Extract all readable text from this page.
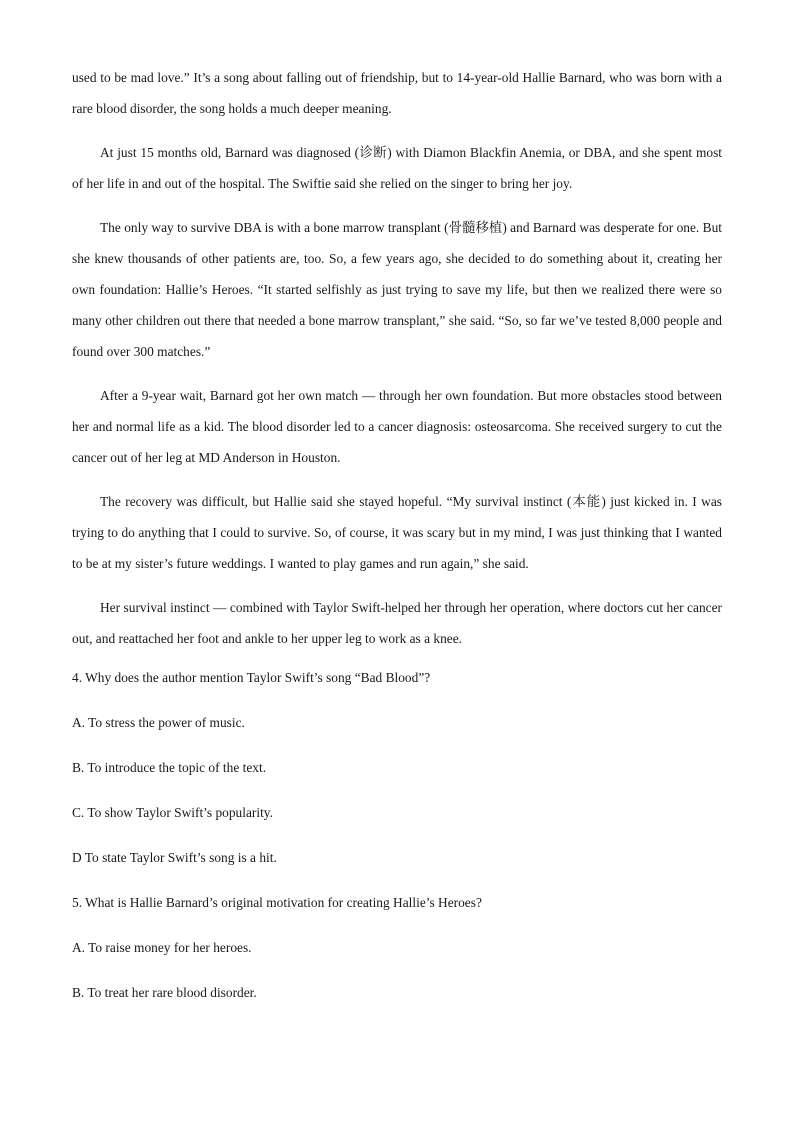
used to be mad love.” It’s a song about falling out of friendship, but to 14-year-old Hallie Barnard, who was born with a rare blood disorder, the song holds a much deeper meaning.

At just 15 months old, Barnard was diagnosed (诊断) with Diamon Blackfin Anemia, or DBA, and she spent most of her life in and out of the hospital. The Swiftie said she relied on the singer to bring her joy.

The only way to survive DBA is with a bone marrow transplant (骨髓移植) and Barnard was desperate for one. But she knew thousands of other patients are, too. So, a few years ago, she decided to do something about it, creating her own foundation: Hallie’s Heroes. “It started selfishly as just trying to save my life, but then we realized there were so many other children out there that needed a bone marrow transplant,” she said. “So, so far we’ve tested 8,000 people and found over 300 matches.”

After a 9-year wait, Barnard got her own match — through her own foundation. But more obstacles stood between her and normal life as a kid. The blood disorder led to a cancer diagnosis: osteosarcoma. She received surgery to cut the cancer out of her leg at MD Anderson in Houston.

The recovery was difficult, but Hallie said she stayed hopeful. “My survival instinct (本能) just kicked in. I was trying to do anything that I could to survive. So, of course, it was scary but in my mind, I was just thinking that I wanted to be at my sister’s future weddings. I wanted to play games and run again,” she said.

Her survival instinct — combined with Taylor Swift-helped her through her operation, where doctors cut her cancer out, and reattached her foot and ankle to her upper leg to work as a knee.

4. Why does the author mention Taylor Swift’s song “Bad Blood”?

A. To stress the power of music.

B. To introduce the topic of the text.

C. To show Taylor Swift’s popularity.

D To state Taylor Swift’s song is a hit.

5. What is Hallie Barnard’s original motivation for creating Hallie’s Heroes?

A. To raise money for her heroes.

B. To treat her rare blood disorder.
